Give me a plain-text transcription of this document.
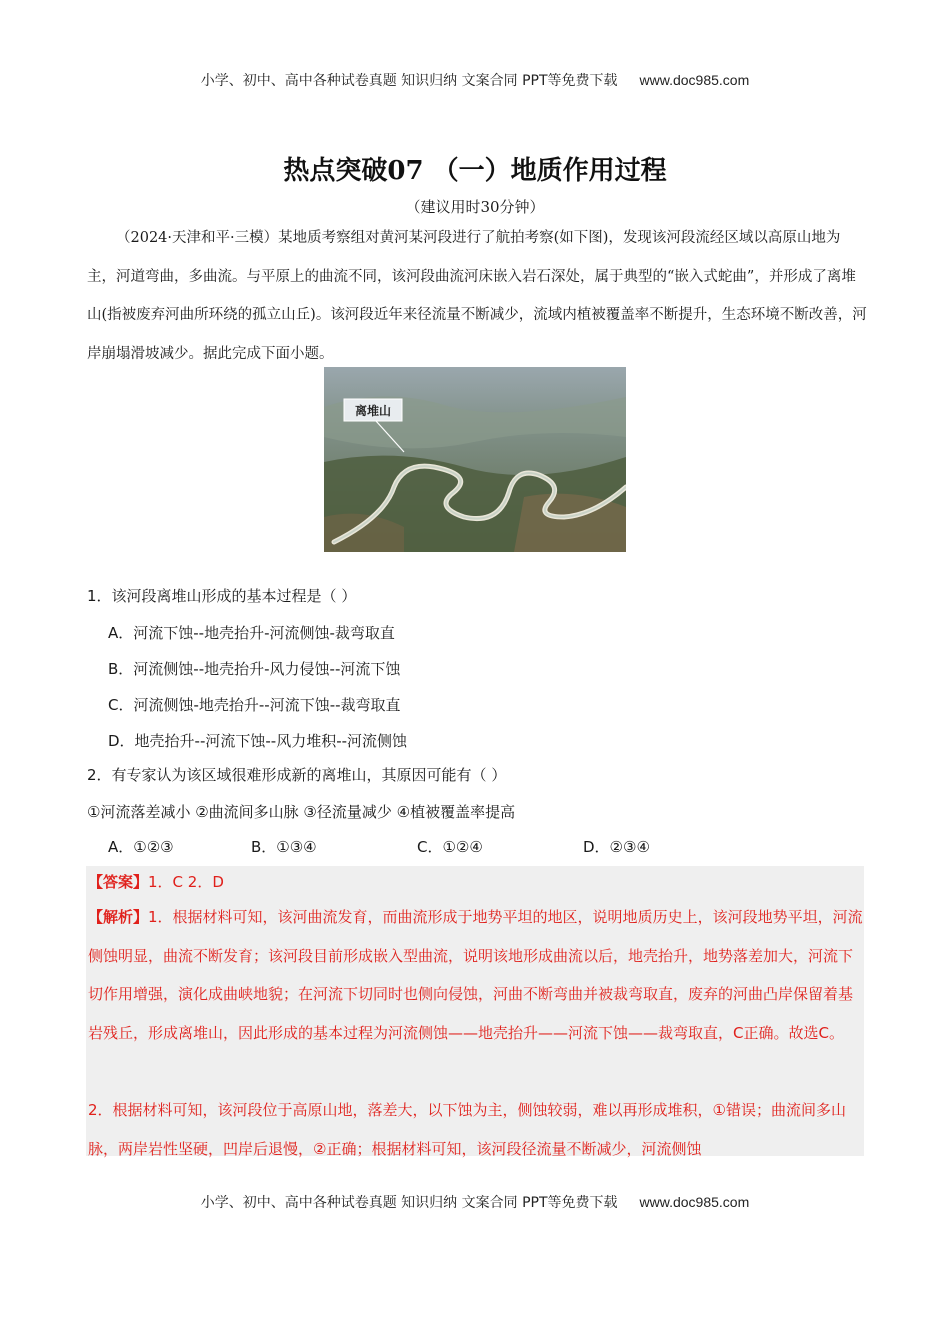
小学、初中、高中各种试卷真题 知识归纳 文案合同 PPT等免费下载 www.doc985.com
热点突破07 （一）地质作用过程
（建议用时30分钟）

（2024·天津和平·三模）某地质考察组对黄河某河段进行了航拍考察(如下图)，发现该河段流经区域以高原山地为主，河道弯曲，多曲流。与平原上的曲流不同，该河段曲流河床嵌入岩石深处，属于典型的“嵌入式蛇曲”，并形成了离堆山(指被废弃河曲所环绕的孤立山丘)。该河段近年来径流量不断减少，流域内植被覆盖率不断提升，生态环境不断改善，河岸崩塌滑坡减少。据此完成下面小题。

离堆山

1．该河段离堆山形成的基本过程是（ ）

A．河流下蚀--地壳抬升-河流侧蚀-裁弯取直
B．河流侧蚀--地壳抬升-风力侵蚀--河流下蚀
C．河流侧蚀-地壳抬升--河流下蚀--裁弯取直
D．地壳抬升--河流下蚀--风力堆积--河流侧蚀

2．有专家认为该区域很难形成新的离堆山，其原因可能有（ ）

①河流落差减小 ②曲流间多山脉 ③径流量减少 ④植被覆盖率提高

A．①②③	B．①③④	C．①②④	D．②③④

【答案】1．C 2．D

【解析】1．根据材料可知，该河曲流发育，而曲流形成于地势平坦的地区，说明地质历史上，该河段地势平坦，河流侧蚀明显，曲流不断发育；该河段目前形成嵌入型曲流，说明该地形成曲流以后，地壳抬升，地势落差加大，河流下切作用增强，演化成曲峡地貌；在河流下切同时也侧向侵蚀，河曲不断弯曲并被裁弯取直，废弃的河曲凸岸保留着基岩残丘，形成离堆山，因此形成的基本过程为河流侧蚀——地壳抬升——河流下蚀——裁弯取直，C正确。故选C。

2．根据材料可知，该河段位于高原山地，落差大，以下蚀为主，侧蚀较弱，难以再形成堆积，①错误；曲流间多山脉，两岸岩性坚硬，凹岸后退慢，②正确；根据材料可知，该河段径流量不断减少，河流侧蚀

小学、初中、高中各种试卷真题 知识归纳 文案合同 PPT等免费下载 www.doc985.com
